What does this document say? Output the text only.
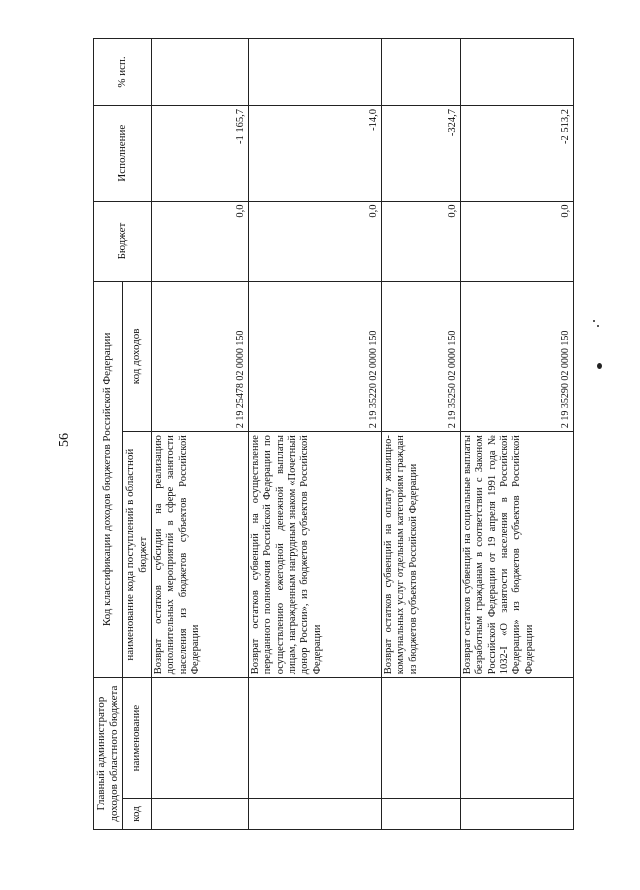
56
Главный администратор доходов областного бюджета		Код классификации доходов бюджетов Российской Федерации		Бюджет	Исполнение	% исп.
код	наименование	наименование кода поступлений в областной бюджет	код доходов			
		Возврат остатков субсидии на реализацию дополнительных мероприятий в сфере занятости населения из бюджетов субъектов Российской Федерации	2 19 25478 02 0000 150	0,0	-1 165,7	
		Возврат остатков субвенций на осуществление переданного полномочия Российской Федерации по осуществлению ежегодной денежной выплаты лицам, награжденным нагрудным знаком «Почетный донор России», из бюджетов субъектов Российской Федерации	2 19 35220 02 0000 150	0,0	-14,0	
		Возврат остатков субвенций на оплату жилищно-коммунальных услуг отдельным категориям граждан из бюджетов субъектов Российской Федерации	2 19 35250 02 0000 150	0,0	-324,7	
		Возврат остатков субвенций на социальные выплаты безработным гражданам в соответствии с Законом Российской Федерации от 19 апреля 1991 года № 1032-I «О занятости населения в Российской Федерации» из бюджетов субъектов Российской Федерации	2 19 35290 02 0000 150	0,0	-2 513,2	
